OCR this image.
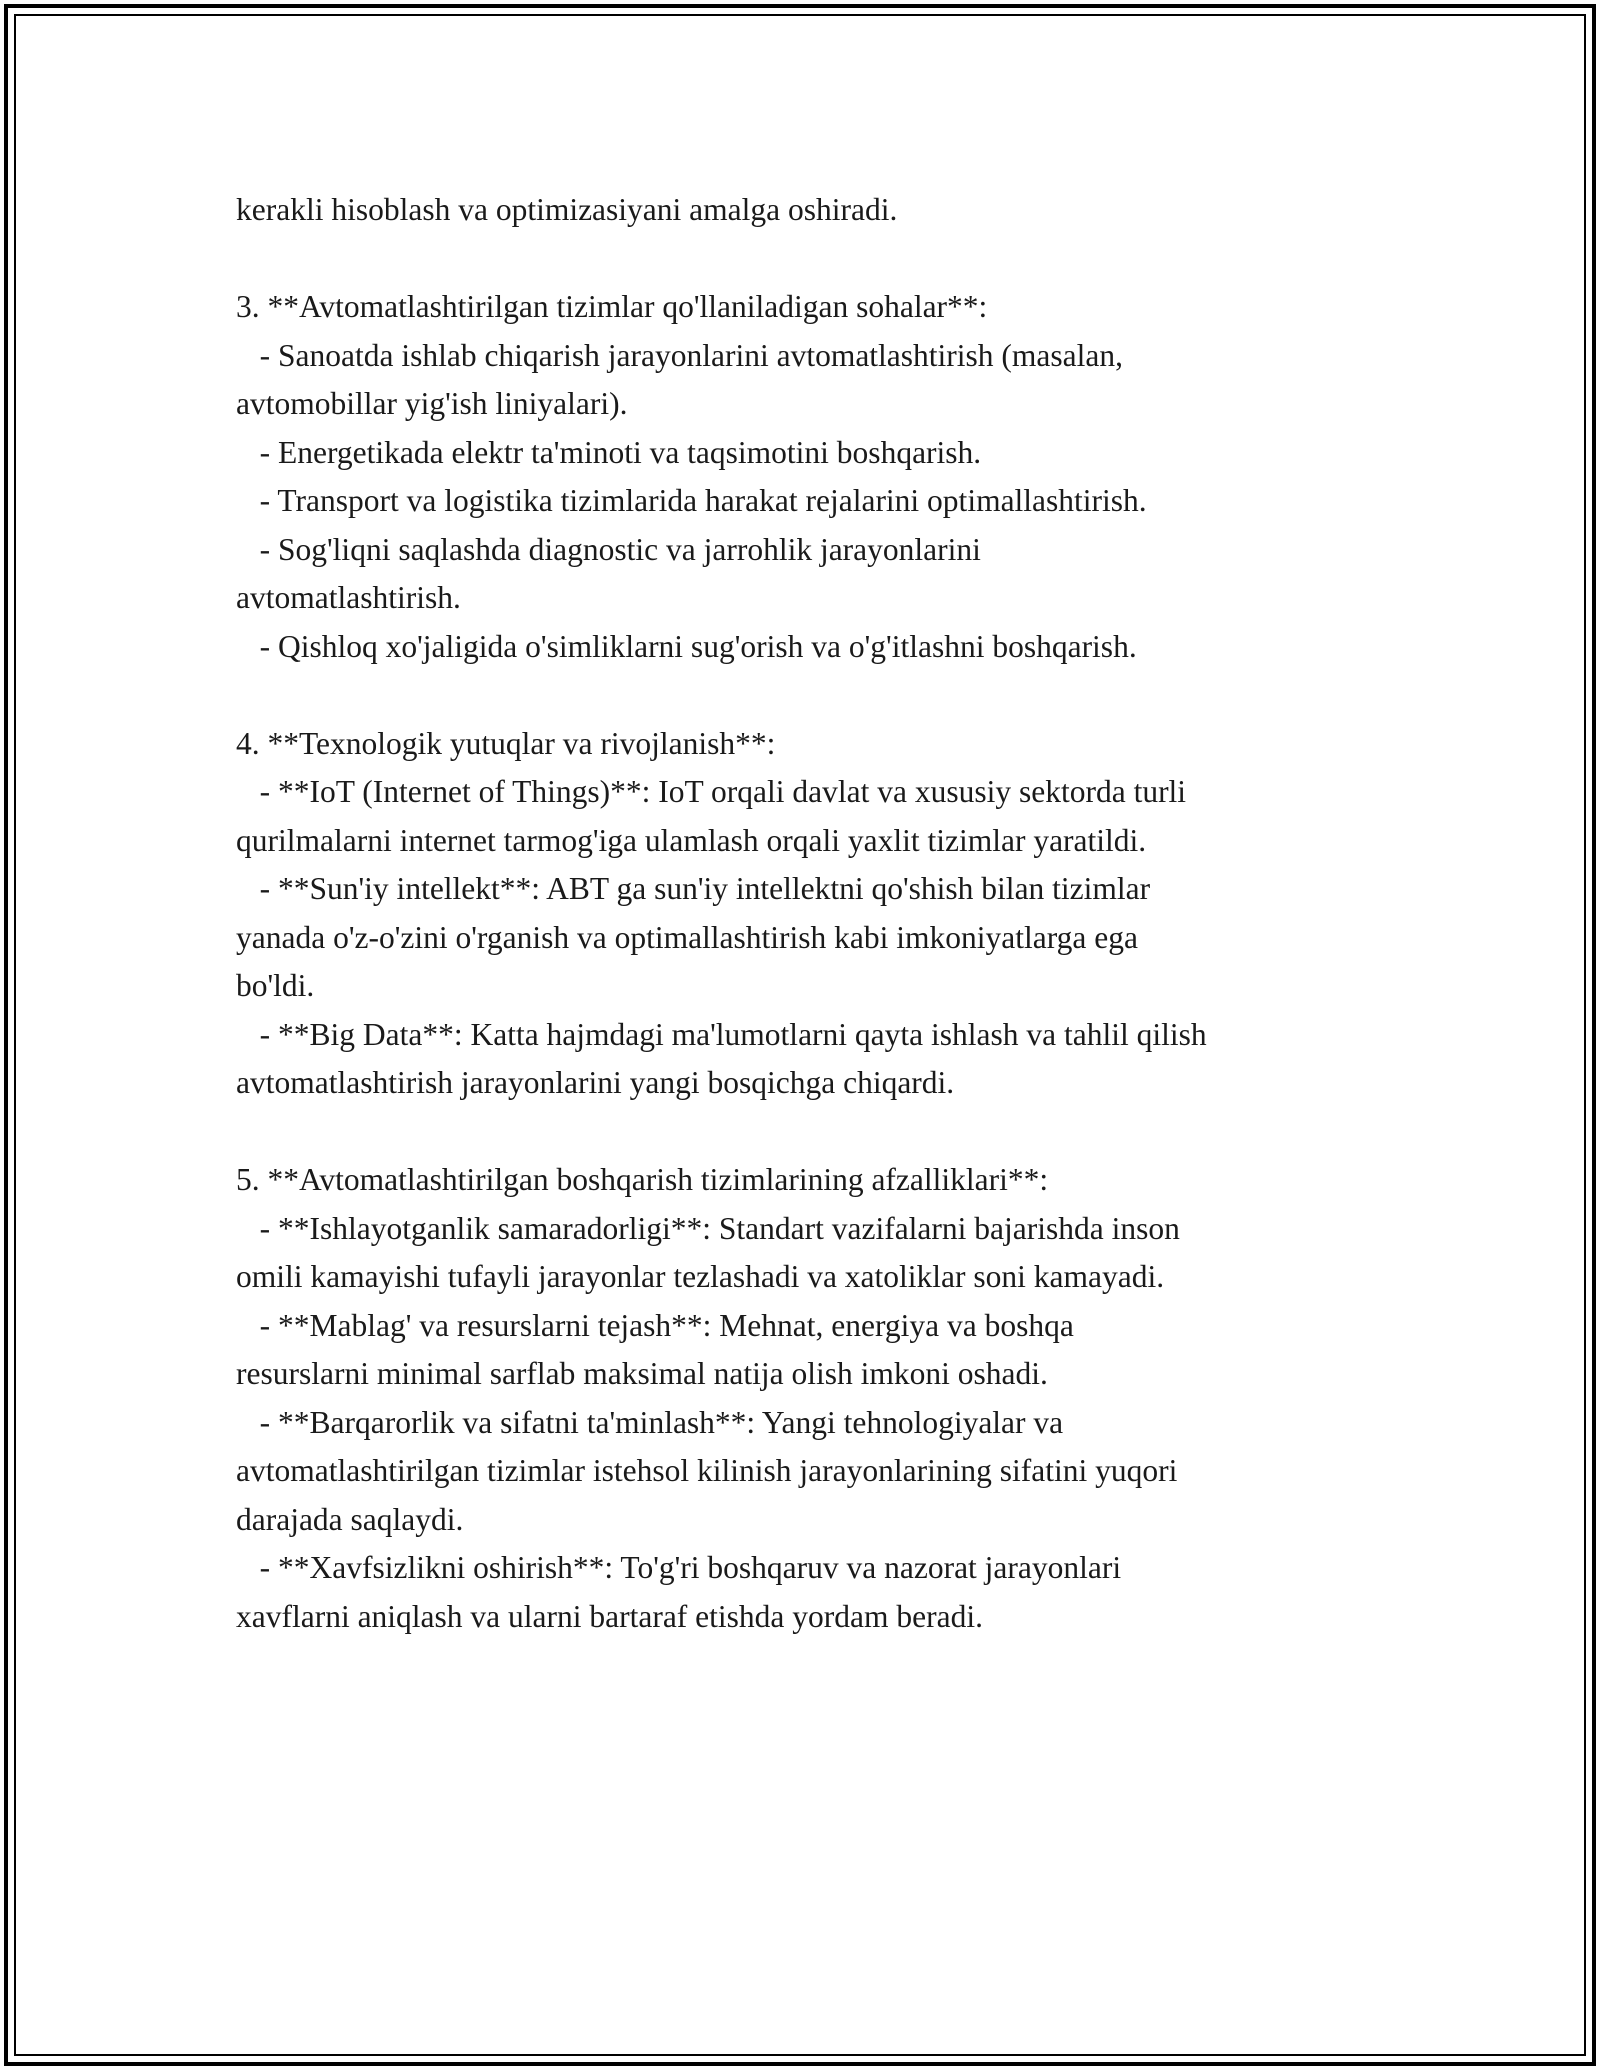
kerakli hisoblash va optimizasiyani amalga oshiradi.
3. **Avtomatlashtirilgan tizimlar qo'llaniladigan sohalar**:
- Sanoatda ishlab chiqarish jarayonlarini avtomatlashtirish (masalan,
avtomobillar yig'ish liniyalari).
- Energetikada elektr ta'minoti va taqsimotini boshqarish.
- Transport va logistika tizimlarida harakat rejalarini optimallashtirish.
- Sog'liqni saqlashda diagnostic va jarrohlik jarayonlarini
avtomatlashtirish.
- Qishloq xo'jaligida o'simliklarni sug'orish va o'g'itlashni boshqarish.
4. **Texnologik yutuqlar va rivojlanish**:
- **IoT (Internet of Things)**: IoT orqali davlat va xususiy sektorda turli
qurilmalarni internet tarmog'iga ulamlash orqali yaxlit tizimlar yaratildi.
- **Sun'iy intellekt**: ABT ga sun'iy intellektni qo'shish bilan tizimlar
yanada o'z-o'zini o'rganish va optimallashtirish kabi imkoniyatlarga ega
bo'ldi.
- **Big Data**: Katta hajmdagi ma'lumotlarni qayta ishlash va tahlil qilish
avtomatlashtirish jarayonlarini yangi bosqichga chiqardi.
5. **Avtomatlashtirilgan boshqarish tizimlarining afzalliklari**:
- **Ishlayotganlik samaradorligi**: Standart vazifalarni bajarishda inson
omili kamayishi tufayli jarayonlar tezlashadi va xatoliklar soni kamayadi.
- **Mablag' va resurslarni tejash**: Mehnat, energiya va boshqa
resurslarni minimal sarflab maksimal natija olish imkoni oshadi.
- **Barqarorlik va sifatni ta'minlash**: Yangi tehnologiyalar va
avtomatlashtirilgan tizimlar istehsol kilinish jarayonlarining sifatini yuqori
darajada saqlaydi.
- **Xavfsizlikni oshirish**: To'g'ri boshqaruv va nazorat jarayonlari
xavflarni aniqlash va ularni bartaraf etishda yordam beradi.
